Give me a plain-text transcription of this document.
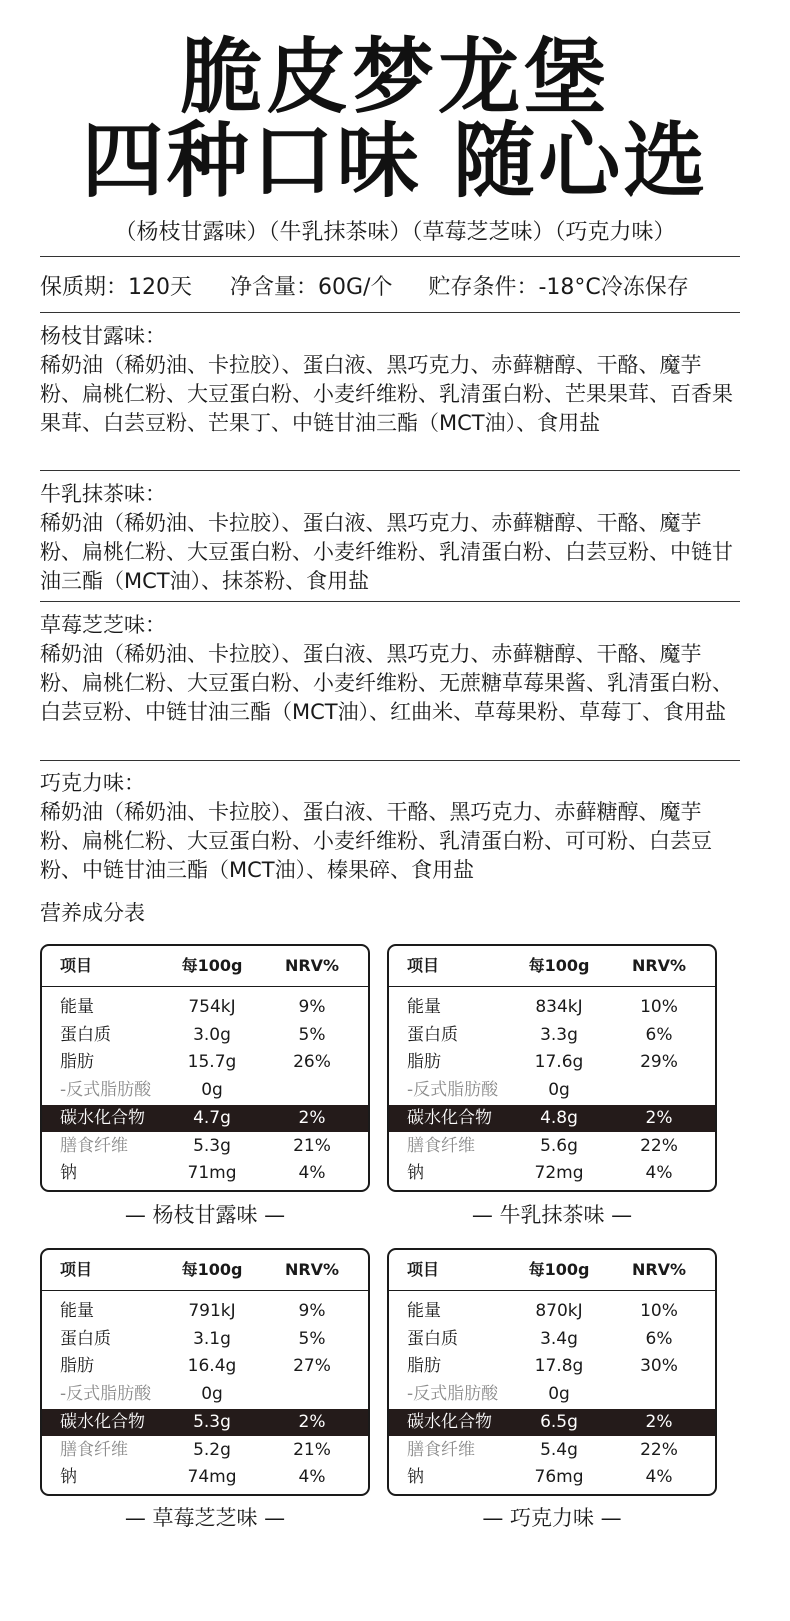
脆皮梦龙堡
四种口味 随心选
（杨枝甘露味）（牛乳抹茶味）（草莓芝芝味）（巧克力味）
保质期：120天 净含量：60G/个 贮存条件：-18°C冷冻保存
杨枝甘露味：
稀奶油（稀奶油、卡拉胶）、蛋白液、黑巧克力、赤藓糖醇、干酪、魔芋粉、扁桃仁粉、大豆蛋白粉、小麦纤维粉、乳清蛋白粉、芒果果茸、百香果果茸、白芸豆粉、芒果丁、中链甘油三酯（MCT油）、食用盐
牛乳抹茶味：
稀奶油（稀奶油、卡拉胶）、蛋白液、黑巧克力、赤藓糖醇、干酪、魔芋粉、扁桃仁粉、大豆蛋白粉、小麦纤维粉、乳清蛋白粉、白芸豆粉、中链甘油三酯（MCT油）、抹茶粉、食用盐
草莓芝芝味：
稀奶油（稀奶油、卡拉胶）、蛋白液、黑巧克力、赤藓糖醇、干酪、魔芋粉、扁桃仁粉、大豆蛋白粉、小麦纤维粉、无蔗糖草莓果酱、乳清蛋白粉、白芸豆粉、中链甘油三酯（MCT油）、红曲米、草莓果粉、草莓丁、食用盐
巧克力味：
稀奶油（稀奶油、卡拉胶）、蛋白液、干酪、黑巧克力、赤藓糖醇、魔芋粉、扁桃仁粉、大豆蛋白粉、小麦纤维粉、乳清蛋白粉、可可粉、白芸豆粉、中链甘油三酯（MCT油）、榛果碎、食用盐
营养成分表
项目	每100g	NRV%
能量	754kJ	9%
蛋白质	3.0g	5%
脂肪	15.7g	26%
-反式脂肪酸	0g
碳水化合物	4.7g	2%
膳食纤维	5.3g	21%
钠	71mg	4%
— 杨枝甘露味 —
项目	每100g	NRV%
能量	834kJ	10%
蛋白质	3.3g	6%
脂肪	17.6g	29%
-反式脂肪酸	0g
碳水化合物	4.8g	2%
膳食纤维	5.6g	22%
钠	72mg	4%
— 牛乳抹茶味 —
项目	每100g	NRV%
能量	791kJ	9%
蛋白质	3.1g	5%
脂肪	16.4g	27%
-反式脂肪酸	0g
碳水化合物	5.3g	2%
膳食纤维	5.2g	21%
钠	74mg	4%
— 草莓芝芝味 —
项目	每100g	NRV%
能量	870kJ	10%
蛋白质	3.4g	6%
脂肪	17.8g	30%
-反式脂肪酸	0g
碳水化合物	6.5g	2%
膳食纤维	5.4g	22%
钠	76mg	4%
— 巧克力味 —
